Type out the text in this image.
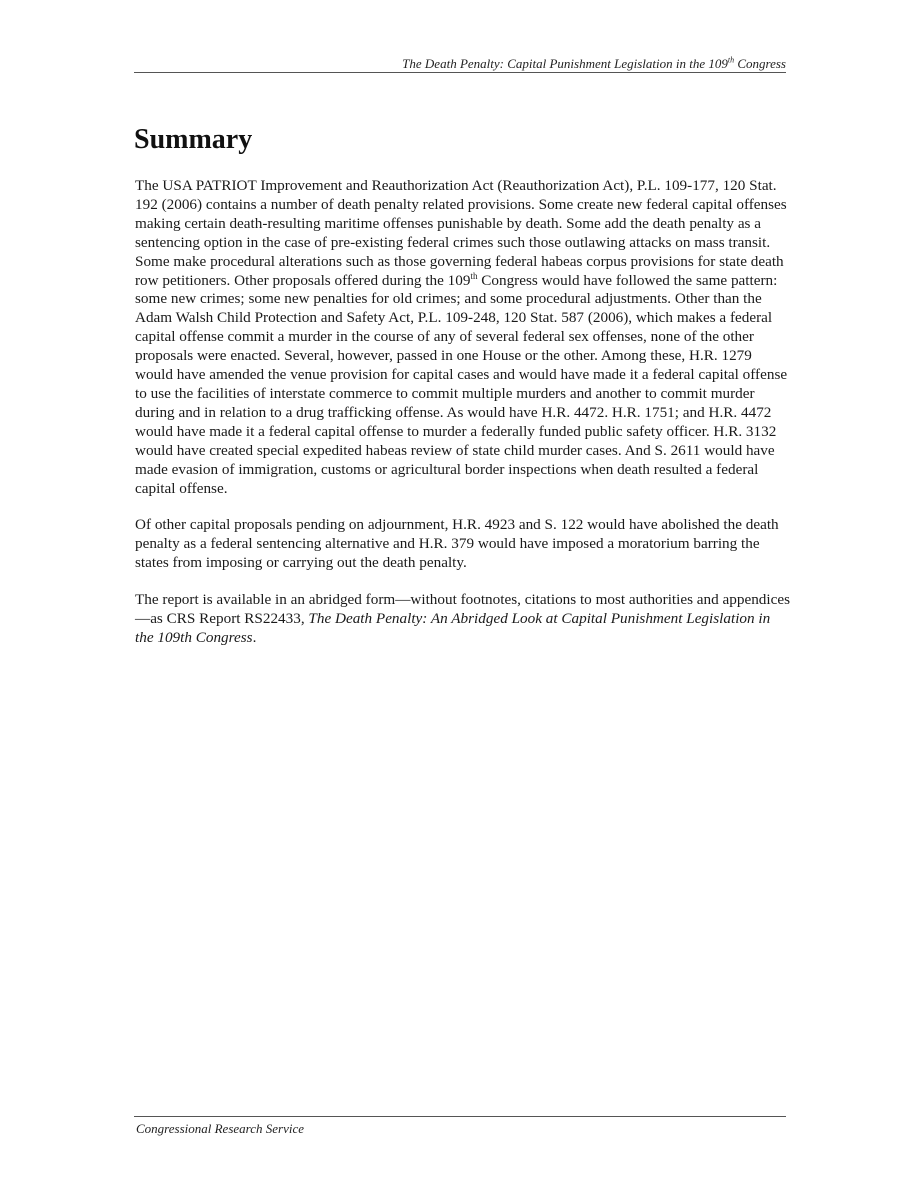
The Death Penalty: Capital Punishment Legislation in the 109th Congress
Summary

The USA PATRIOT Improvement and Reauthorization Act (Reauthorization Act), P.L. 109-177, 120 Stat. 192 (2006) contains a number of death penalty related provisions. Some create new federal capital offenses making certain death-resulting maritime offenses punishable by death. Some add the death penalty as a sentencing option in the case of pre-existing federal crimes such those outlawing attacks on mass transit. Some make procedural alterations such as those governing federal habeas corpus provisions for state death row petitioners. Other proposals offered during the 109th Congress would have followed the same pattern: some new crimes; some new penalties for old crimes; and some procedural adjustments. Other than the Adam Walsh Child Protection and Safety Act, P.L. 109-248, 120 Stat. 587 (2006), which makes a federal capital offense commit a murder in the course of any of several federal sex offenses, none of the other proposals were enacted. Several, however, passed in one House or the other. Among these, H.R. 1279 would have amended the venue provision for capital cases and would have made it a federal capital offense to use the facilities of interstate commerce to commit multiple murders and another to commit murder during and in relation to a drug trafficking offense. As would have H.R. 4472. H.R. 1751; and H.R. 4472 would have made it a federal capital offense to murder a federally funded public safety officer. H.R. 3132 would have created special expedited habeas review of state child murder cases. And S. 2611 would have made evasion of immigration, customs or agricultural border inspections when death resulted a federal capital offense.

Of other capital proposals pending on adjournment, H.R. 4923 and S. 122 would have abolished the death penalty as a federal sentencing alternative and H.R. 379 would have imposed a moratorium barring the states from imposing or carrying out the death penalty.

The report is available in an abridged form—without footnotes, citations to most authorities and appendices—as CRS Report RS22433, The Death Penalty: An Abridged Look at Capital Punishment Legislation in the 109th Congress.

Congressional Research Service
